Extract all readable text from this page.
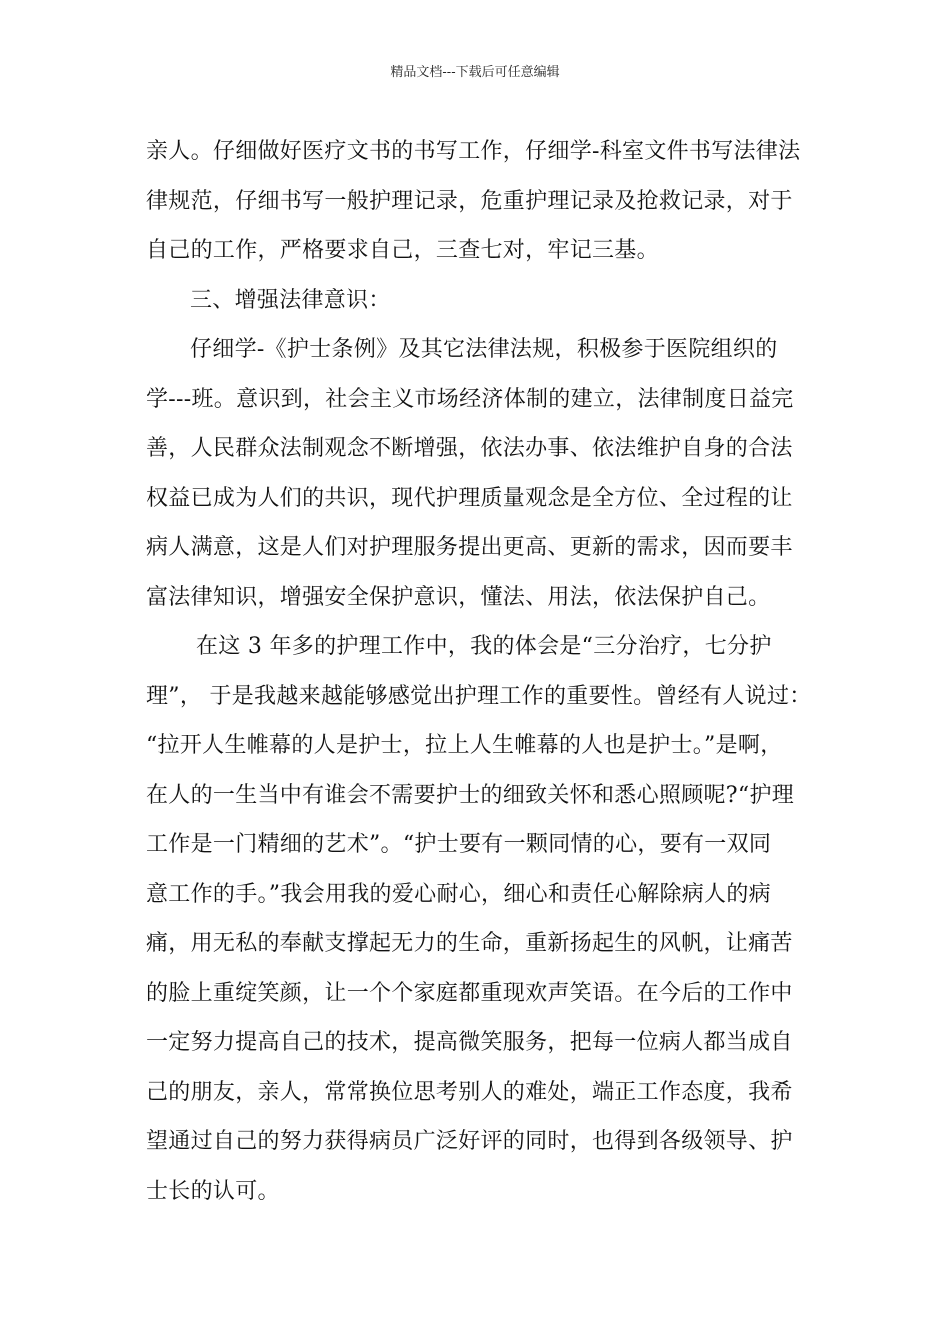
精品文档---下载后可任意编辑
亲人。仔细做好医疗文书的书写工作，仔细学-科室文件书写法律法
律规范，仔细书写一般护理记录，危重护理记录及抢救记录，对于
自己的工作，严格要求自己，三查七对，牢记三基。
三、增强法律意识：
仔细学-《护士条例》及其它法律法规，积极参于医院组织的
学---班。意识到，社会主义市场经济体制的建立，法律制度日益完
善，人民群众法制观念不断增强，依法办事、依法维护自身的合法
权益已成为人们的共识，现代护理质量观念是全方位、全过程的让
病人满意，这是人们对护理服务提出更高、更新的需求，因而要丰
富法律知识，增强安全保护意识，懂法、用法，依法保护自己。
在这 3 年多的护理工作中，我的体会是“三分治疗，七分护
理”， 于是我越来越能够感觉出护理工作的重要性。曾经有人说过：
“拉开人生帷幕的人是护士，拉上人生帷幕的人也是护士。”是啊，
在人的一生当中有谁会不需要护士的细致关怀和悉心照顾呢?“护理
工作是一门精细的艺术”。“护士要有一颗同情的心，要有一双同
意工作的手。”我会用我的爱心耐心，细心和责任心解除病人的病
痛，用无私的奉献支撑起无力的生命，重新扬起生的风帆，让痛苦
的脸上重绽笑颜，让一个个家庭都重现欢声笑语。在今后的工作中
一定努力提高自己的技术，提高微笑服务，把每一位病人都当成自
己的朋友，亲人，常常换位思考别人的难处，端正工作态度，我希
望通过自己的努力获得病员广泛好评的同时，也得到各级领导、护
士长的认可。
